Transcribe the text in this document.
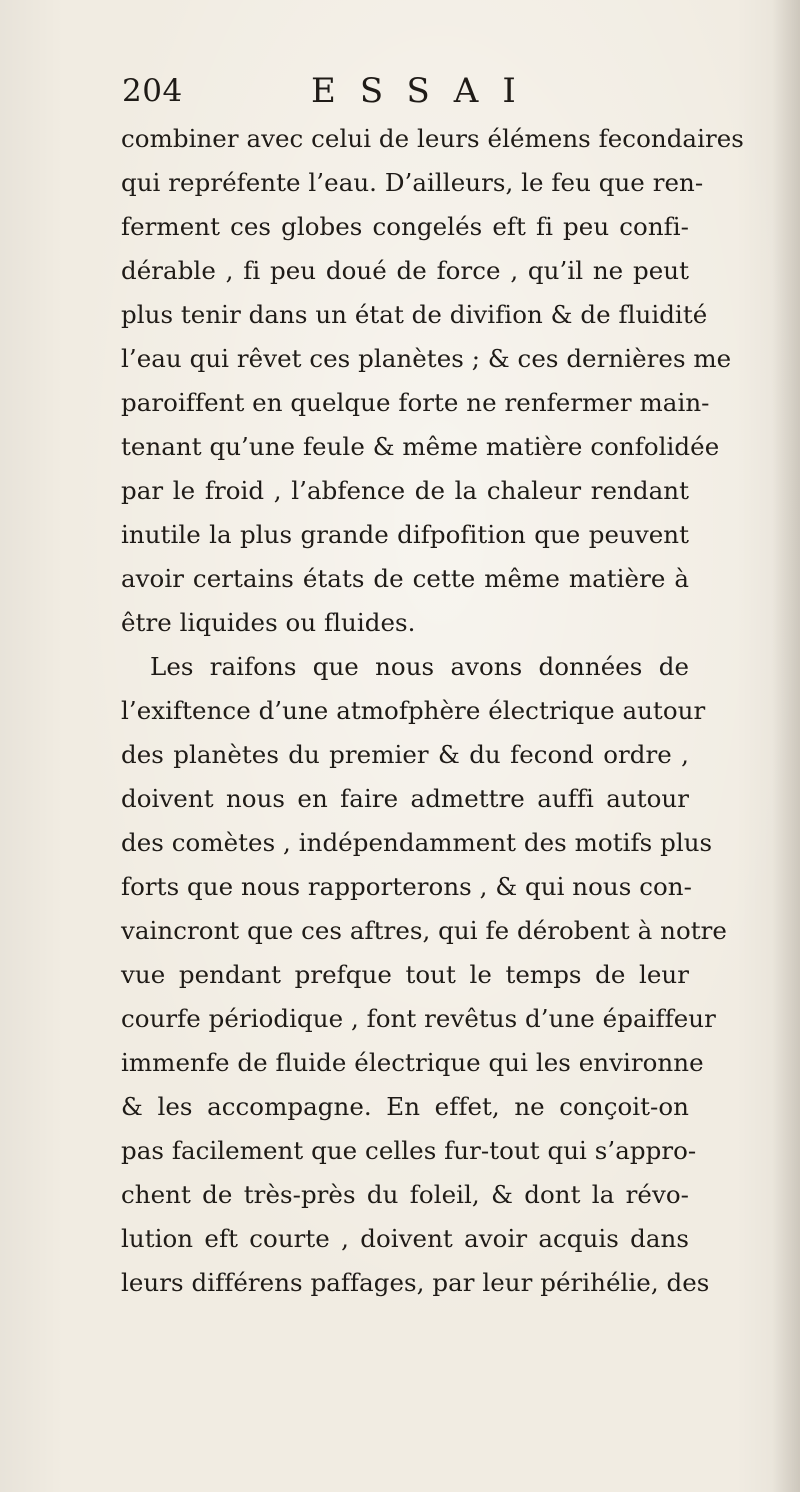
204	ESSAI
combiner avec celui de leurs élémens fecondaires
qui repréfente l’eau. D’ailleurs, le feu que ren-
ferment ces globes congelés eft fi peu confi-
dérable , fi peu doué de force , qu’il ne peut
plus tenir dans un état de divifion & de fluidité
l’eau qui rêvet ces planètes ; & ces dernières me
paroiffent en quelque forte ne renfermer main-
tenant qu’une feule & même matière confolidée
par le froid , l’abfence de la chaleur rendant
inutile la plus grande difpofition que peuvent
avoir certains états de cette même matière à
être liquides ou fluides.
Les raifons que nous avons données de
l’exiftence d’une atmofphère électrique autour
des planètes du premier & du fecond ordre ,
doivent nous en faire admettre auffi autour
des comètes , indépendamment des motifs plus
forts que nous rapporterons , & qui nous con-
vaincront que ces aftres, qui fe dérobent à notre
vue pendant prefque tout le temps de leur
courfe périodique , font revêtus d’une épaiffeur
immenfe de fluide électrique qui les environne
& les accompagne. En effet, ne conçoit-on
pas facilement que celles fur-tout qui s’appro-
chent de très-près du foleil, & dont la révo-
lution eft courte , doivent avoir acquis dans
leurs différens paffages, par leur périhélie, des
